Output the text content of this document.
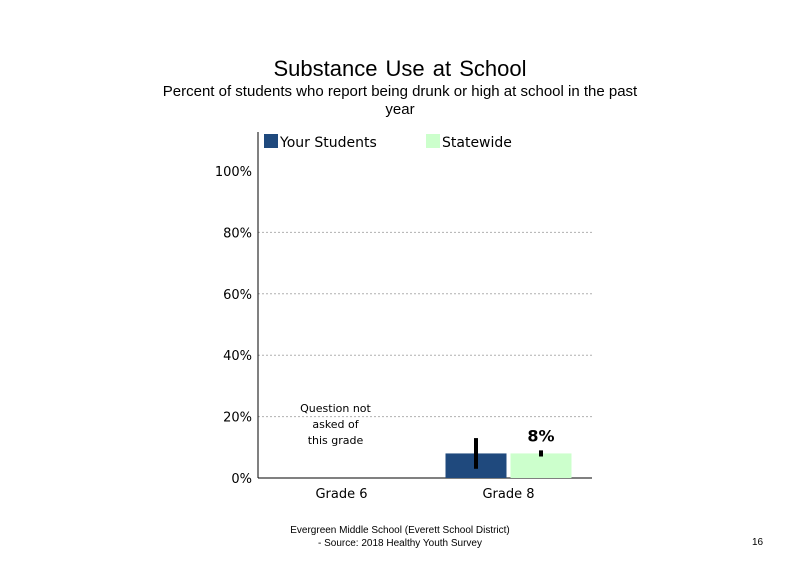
Substance Use at School
Percent of students who report being drunk or high at school in the past year
0%
20%
40%
60%
80%
100%
Grade 6
Question not
asked of
this grade
Grade 8
8%
Your Students	Statewide
Evergreen Middle School (Everett School District)
- Source: 2018 Healthy Youth Survey	16
